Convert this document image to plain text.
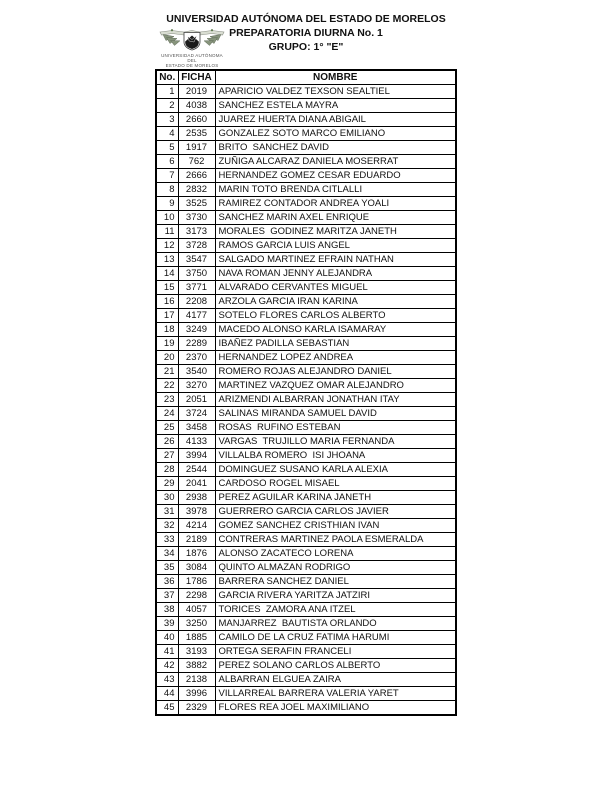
UNIVERSIDAD AUTÓNOMA DEL
ESTADO DE MORELOS
UNIVERSIDAD AUTÓNOMA DEL ESTADO DE MORELOS
PREPARATORIA DIURNA No. 1
GRUPO: 1° "E"
No.	FICHA	NOMBRE
1	2019	APARICIO VALDEZ TEXSON SEALTIEL
2	4038	SANCHEZ ESTELA MAYRA
3	2660	JUAREZ HUERTA DIANA ABIGAIL
4	2535	GONZALEZ SOTO MARCO EMILIANO
5	1917	BRITO  SANCHEZ DAVID
6	762	ZUÑIGA ALCARAZ DANIELA MOSERRAT
7	2666	HERNANDEZ GOMEZ CESAR EDUARDO
8	2832	MARIN TOTO BRENDA CITLALLI
9	3525	RAMIREZ CONTADOR ANDREA YOALI
10	3730	SANCHEZ MARIN AXEL ENRIQUE
11	3173	MORALES  GODINEZ MARITZA JANETH
12	3728	RAMOS GARCIA LUIS ANGEL
13	3547	SALGADO MARTINEZ EFRAIN NATHAN
14	3750	NAVA ROMAN JENNY ALEJANDRA
15	3771	ALVARADO CERVANTES MIGUEL
16	2208	ARZOLA GARCIA IRAN KARINA
17	4177	SOTELO FLORES CARLOS ALBERTO
18	3249	MACEDO ALONSO KARLA ISAMARAY
19	2289	IBAÑEZ PADILLA SEBASTIAN
20	2370	HERNANDEZ LOPEZ ANDREA
21	3540	ROMERO ROJAS ALEJANDRO DANIEL
22	3270	MARTINEZ VAZQUEZ OMAR ALEJANDRO
23	2051	ARIZMENDI ALBARRAN JONATHAN ITAY
24	3724	SALINAS MIRANDA SAMUEL DAVID
25	3458	ROSAS  RUFINO ESTEBAN
26	4133	VARGAS  TRUJILLO MARIA FERNANDA
27	3994	VILLALBA ROMERO  ISI JHOANA
28	2544	DOMINGUEZ SUSANO KARLA ALEXIA
29	2041	CARDOSO ROGEL MISAEL
30	2938	PEREZ AGUILAR KARINA JANETH
31	3978	GUERRERO GARCIA CARLOS JAVIER
32	4214	GOMEZ SANCHEZ CRISTHIAN IVAN
33	2189	CONTRERAS MARTINEZ PAOLA ESMERALDA
34	1876	ALONSO ZACATECO LORENA
35	3084	QUINTO ALMAZAN RODRIGO
36	1786	BARRERA SANCHEZ DANIEL
37	2298	GARCIA RIVERA YARITZA JATZIRI
38	4057	TORICES  ZAMORA ANA ITZEL
39	3250	MANJARREZ  BAUTISTA ORLANDO
40	1885	CAMILO DE LA CRUZ FATIMA HARUMI
41	3193	ORTEGA SERAFIN FRANCELI
42	3882	PEREZ SOLANO CARLOS ALBERTO
43	2138	ALBARRAN ELGUEA ZAIRA
44	3996	VILLARREAL BARRERA VALERIA YARET
45	2329	FLORES REA JOEL MAXIMILIANO
